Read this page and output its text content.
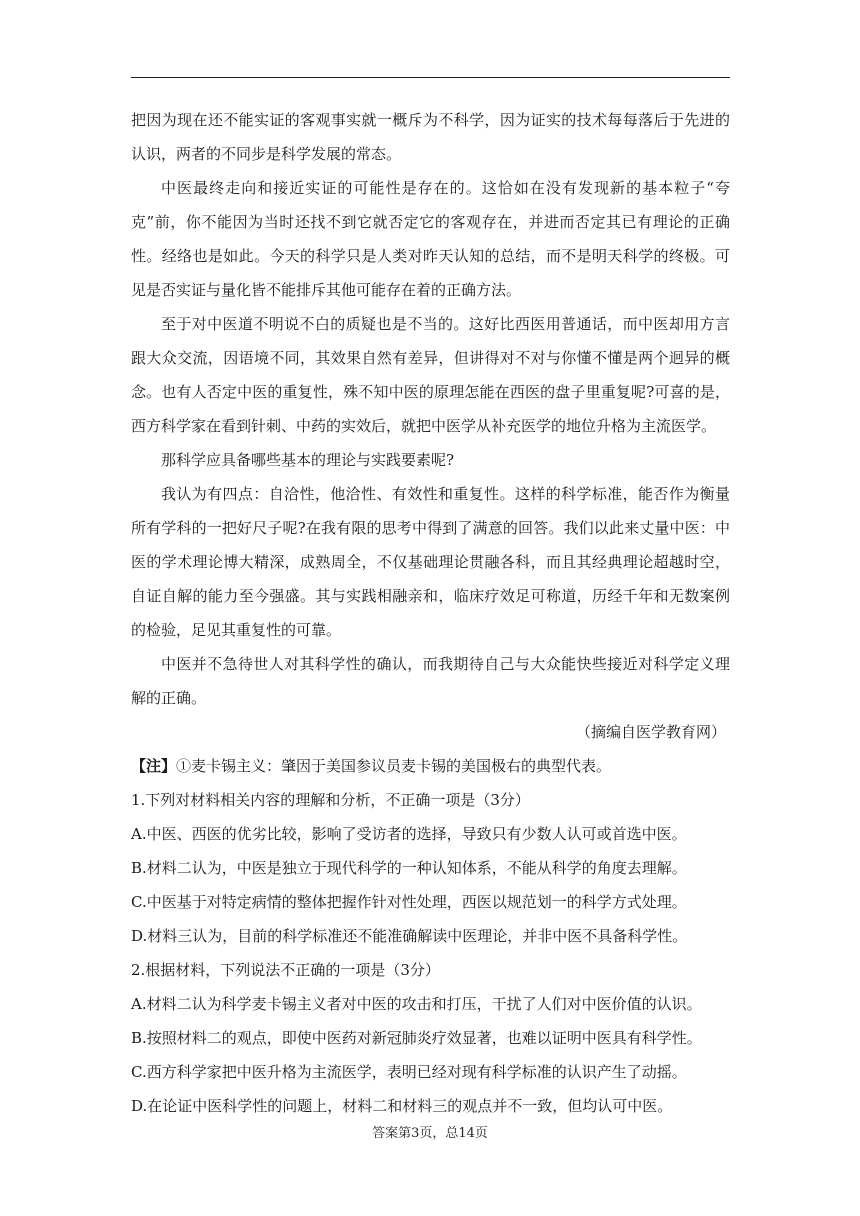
把因为现在还不能实证的客观事实就一概斥为不科学，因为证实的技术每每落后于先进的认识，两者的不同步是科学发展的常态。

中医最终走向和接近实证的可能性是存在的。这恰如在没有发现新的基本粒子“夸克”前，你不能因为当时还找不到它就否定它的客观存在，并进而否定其已有理论的正确性。经络也是如此。今天的科学只是人类对昨天认知的总结，而不是明天科学的终极。可见是否实证与量化皆不能排斥其他可能存在着的正确方法。

至于对中医道不明说不白的质疑也是不当的。这好比西医用普通话，而中医却用方言跟大众交流，因语境不同，其效果自然有差异，但讲得对不对与你懂不懂是两个迥异的概念。也有人否定中医的重复性，殊不知中医的原理怎能在西医的盘子里重复呢?可喜的是，西方科学家在看到针刺、中药的实效后，就把中医学从补充医学的地位升格为主流医学。

那科学应具备哪些基本的理论与实践要素呢?

我认为有四点：自洽性，他洽性、有效性和重复性。这样的科学标准，能否作为衡量所有学科的一把好尺子呢?在我有限的思考中得到了满意的回答。我们以此来丈量中医：中医的学术理论博大精深，成熟周全，不仅基础理论贯融各科，而且其经典理论超越时空，自证自解的能力至今强盛。其与实践相融亲和，临床疗效足可称道，历经千年和无数案例的检验，足见其重复性的可靠。

中医并不急待世人对其科学性的确认，而我期待自己与大众能快些接近对科学定义理解的正确。

（摘编自医学教育网）

【注】①麦卡锡主义：肇因于美国参议员麦卡锡的美国极右的典型代表。

1.下列对材料相关内容的理解和分析，不正确一项是（3分）

A.中医、西医的优劣比较，影响了受访者的选择，导致只有少数人认可或首选中医。

B.材料二认为，中医是独立于现代科学的一种认知体系，不能从科学的角度去理解。

C.中医基于对特定病情的整体把握作针对性处理，西医以规范划一的科学方式处理。

D.材料三认为，目前的科学标准还不能准确解读中医理论，并非中医不具备科学性。

2.根据材料，下列说法不正确的一项是（3分）

A.材料二认为科学麦卡锡主义者对中医的攻击和打压，干扰了人们对中医价值的认识。

B.按照材料二的观点，即使中医药对新冠肺炎疗效显著，也难以证明中医具有科学性。

C.西方科学家把中医升格为主流医学，表明已经对现有科学标准的认识产生了动摇。

D.在论证中医科学性的问题上，材料二和材料三的观点并不一致，但均认可中医。

答案第3页，总14页
